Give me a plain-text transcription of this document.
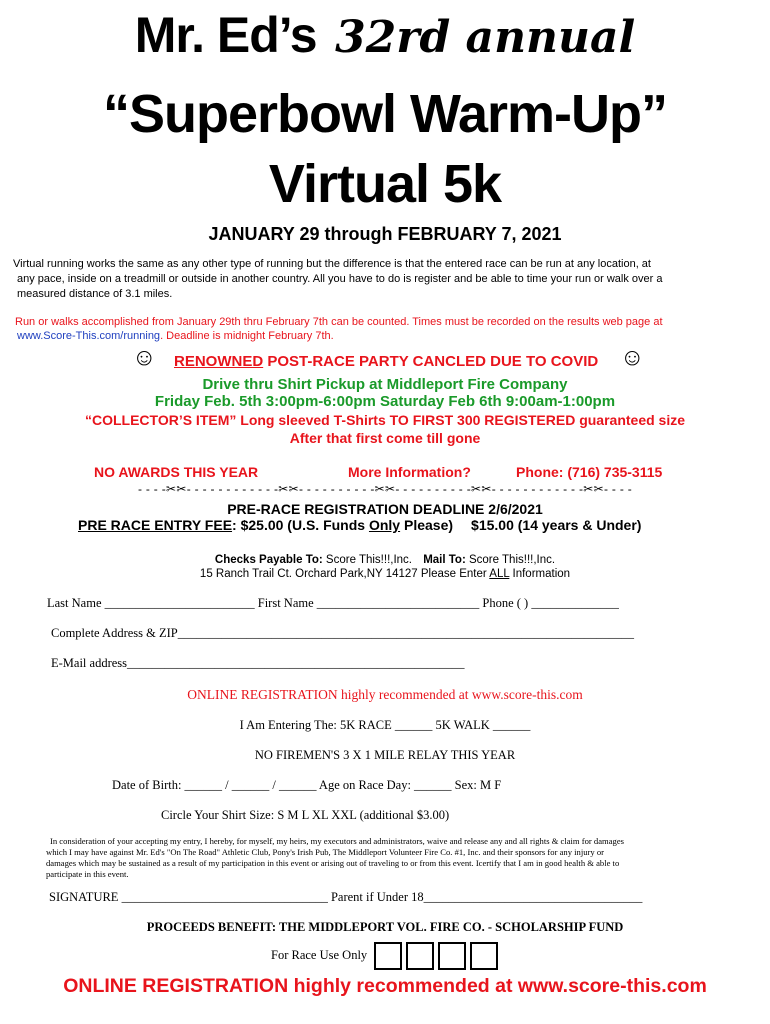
Mr. Ed’s 32rd annual
“Superbowl Warm-Up”
Virtual 5k
JANUARY 29 through FEBRUARY 7, 2021
Virtual running works the same as any other type of running but the difference is that the entered race can be run at any location, at
any pace, inside on a treadmill or outside in another country. All you have to do is register and be able to time your run or walk over a
measured distance of 3.1 miles.
Run or walks accomplished from January 29th thru February 7th can be counted. Times must be recorded on the results web page at
www.Score-This.com/running. Deadline is midnight February 7th.
☺ RENOWNED POST-RACE PARTY CANCLED DUE TO COVID ☺
Drive thru Shirt Pickup at Middleport Fire Company
Friday Feb. 5th 3:00pm-6:00pm Saturday Feb 6th 9:00am-1:00pm
“COLLECTOR’S ITEM” Long sleeved T-Shirts TO FIRST 300 REGISTERED guaranteed size
After that first come till gone
NO AWARDS THIS YEAR	More Information?	Phone: (716) 735-3115
- - - -✂✂- - - - - - - - - - - -✂✂- - - - - - - - - -✂✂- - - - - - - - - -✂✂- - - - - - - - - - - -✂✂- - - -
PRE-RACE REGISTRATION DEADLINE 2/6/2021
PRE RACE ENTRY FEE: $25.00 (U.S. Funds Only Please) $15.00 (14 years & Under)
Checks Payable To: Score This!!!,Inc. Mail To: Score This!!!,Inc.
15 Ranch Trail Ct. Orchard Park,NY 14127 Please Enter ALL Information
Last Name ________________________ First Name __________________________ Phone ( ) ______________
Complete Address & ZIP_________________________________________________________________________
E-Mail address______________________________________________________
ONLINE REGISTRATION highly recommended at www.score-this.com
I Am Entering The: 5K RACE ______ 5K WALK ______
NO FIREMEN'S 3 X 1 MILE RELAY THIS YEAR
Date of Birth: ______ / ______ / ______ Age on Race Day: ______ Sex: M F
Circle Your Shirt Size: S M L XL XXL (additional $3.00)
In consideration of your accepting my entry, I hereby, for myself, my heirs, my executors and administrators, waive and release any and all rights & claim for damages
which I may have against Mr. Ed's "On The Road" Athletic Club, Pony's Irish Pub, The Middleport Volunteer Fire Co. #1, Inc. and their sponsors for any injury or
damages which may be sustained as a result of my participation in this event or arising out of traveling to or from this event. Icertify that I am in good health & able to
participate in this event.
SIGNATURE _________________________________ Parent if Under 18___________________________________
PROCEEDS BENEFIT: THE MIDDLEPORT VOL. FIRE CO. - SCHOLARSHIP FUND
For Race Use Only
ONLINE REGISTRATION highly recommended at www.score-this.com
